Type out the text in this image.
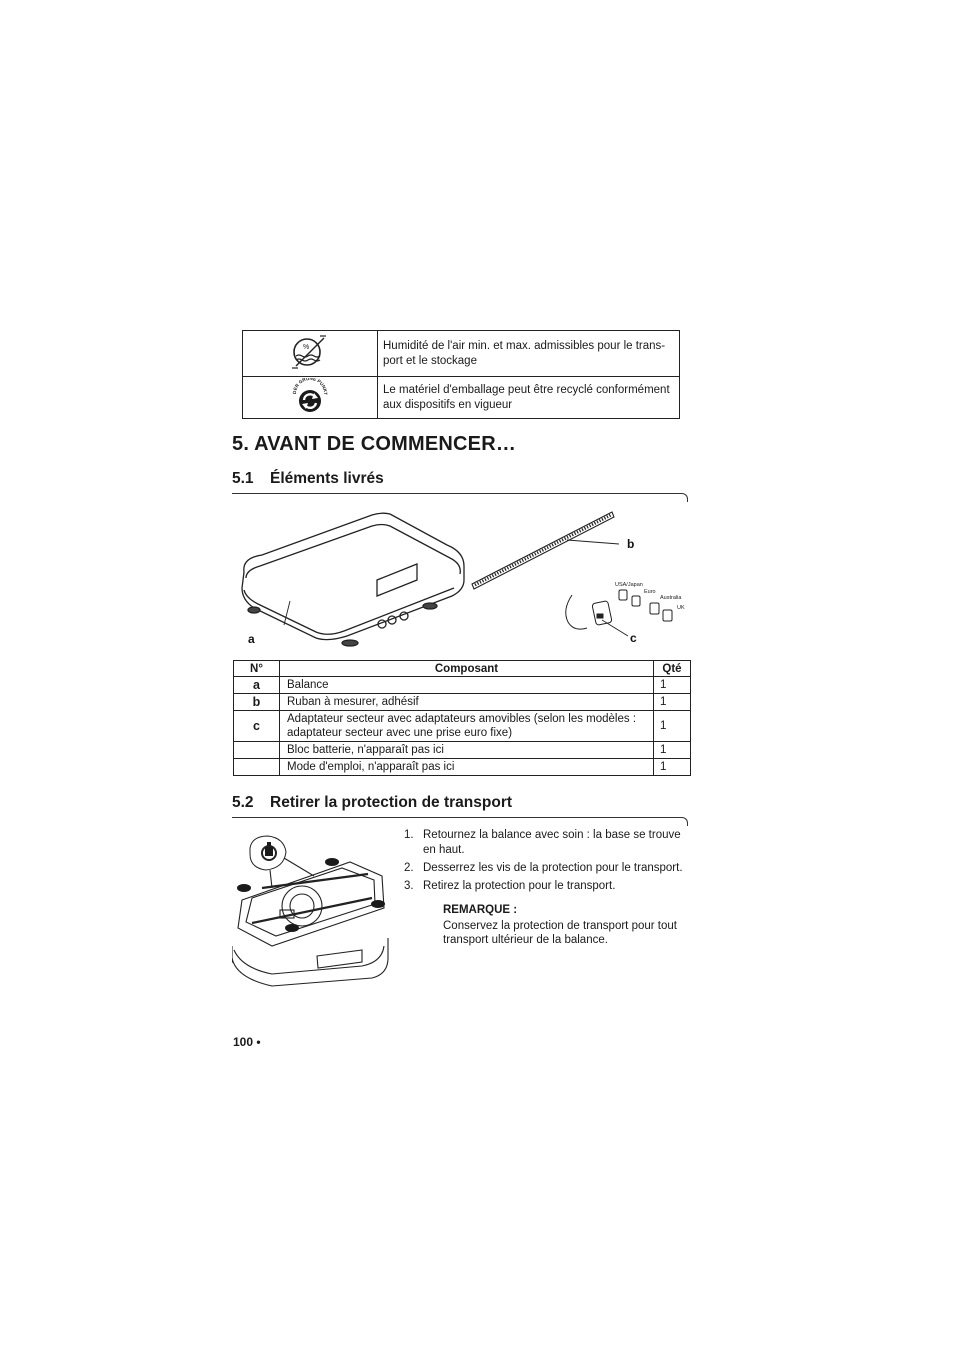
%	Humidité de l'air min. et max. admissibles pour le trans-port et le stockage

DER GRÜNE PUNKT	Le matériel d'emballage peut être recyclé conformément aux dispositifs en vigueur
5. AVANT DE COMMENCER…
5.1 Éléments livrés
a
b
USA/Japan
Euro
Australia
UK
c
N°	Composant	Qté
a	Balance	1
b	Ruban à mesurer, adhésif	1
c	Adaptateur secteur avec adaptateurs amovibles (selon les modèles : adaptateur secteur avec une prise euro fixe)	1
	Bloc batterie, n'apparaît pas ici	1
	Mode d'emploi, n'apparaît pas ici	1
5.2 Retirer la protection de transport
1. Retournez la balance avec soin : la base se trouve en haut.
2. Desserrez les vis de la protection pour le transport.
3. Retirez la protection pour le transport.
REMARQUE :
Conservez la protection de transport pour tout transport ultérieur de la balance.
100 •
